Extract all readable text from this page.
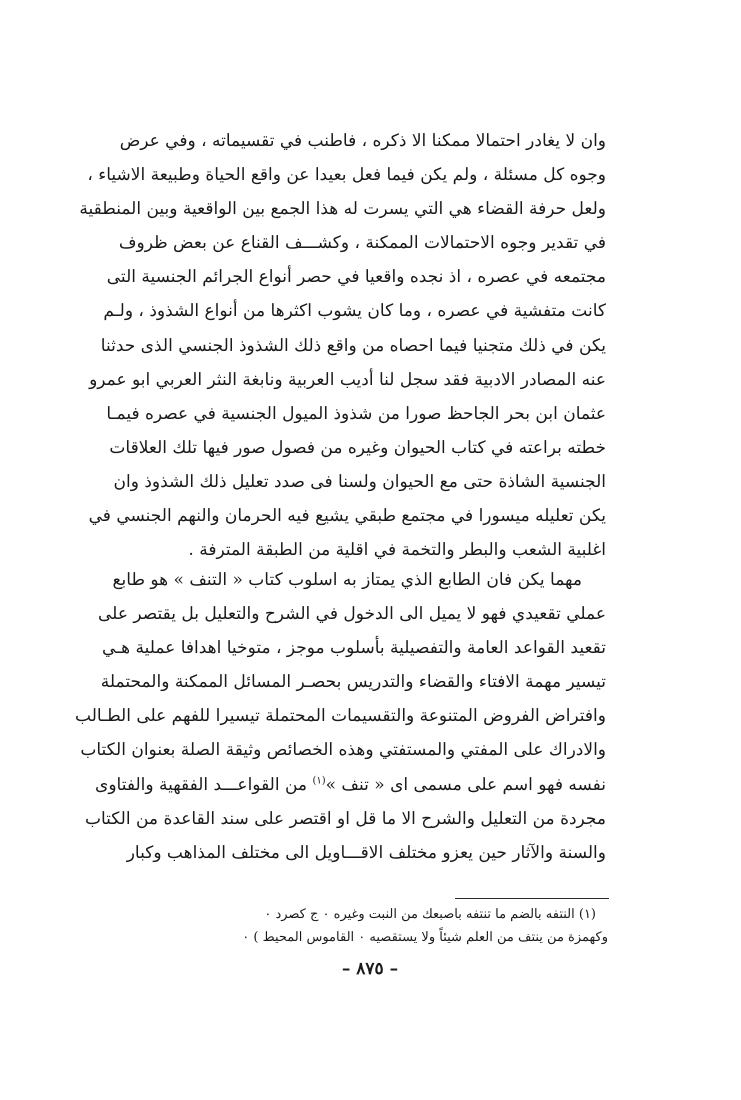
وان لا يغادر احتمالا ممكنا الا ذكره ، فاطنب في تقسيماته ، وفي عرض
وجوه كل مسئلة ، ولم يكن فيما فعل بعيدا عن واقع الحياة وطبيعة الاشياء ،
ولعل حرفة القضاء هي التي يسرت له هذا الجمع بين الواقعية وبين المنطقية
في تقدير وجوه الاحتمالات الممكنة ، وكشـــف القناع عن بعض ظروف
مجتمعه في عصره ، اذ نجده واقعيا في حصر أنواع الجرائم الجنسية التى
كانت متفشية في عصره ، وما كان يشوب اكثرها من أنواع الشذوذ ، ولـم
يكن في ذلك متجنيا فيما احصاه من واقع ذلك الشذوذ الجنسي الذى حدثنا
عنه المصادر الادبية فقد سجل لنا أديب العربية ونابغة النثر العربي ابو عمرو
عثمان ابن بحر الجاحظ صورا من شذوذ الميول الجنسية في عصره فيمـا
خطته براعته في كتاب الحيوان وغيره من فصول صور فيها تلك العلاقات
الجنسية الشاذة حتى مع الحيوان ولسنا فى صدد تعليل ذلك الشذوذ وان
يكن تعليله ميسورا في مجتمع طبقي يشيع فيه الحرمان والنهم الجنسي في
اغلبية الشعب والبطر والتخمة في اقلية من الطبقة المترفة .
مهما يكن فان الطابع الذي يمتاز به اسلوب كتاب « التنف » هو طابع
عملي تقعيدي فهو لا يميل الى الدخول في الشرح والتعليل بل يقتصر على
تقعيد القواعد العامة والتفصيلية بأسلوب موجز ، متوخيا اهدافا عملية هـي
تيسير مهمة الافتاء والقضاء والتدريس بحصـر المسائل الممكنة والمحتملة
وافتراض الفروض المتنوعة والتقسيمات المحتملة تيسيرا للفهم على الطـالب
والادراك على المفتي والمستفتي وهذه الخصائص وثيقة الصلة بعنوان الكتاب
نفسه فهو اسم على مسمى اى « تنف »$^{(١)}$ من القواعـــد الفقهية والفتاوى
مجردة من التعليل والشرح الا ما قل او اقتصر على سند القاعدة من الكتاب
والسنة والآثار حين يعزو مختلف الاقـــاويل الى مختلف المذاهب وكبار
(١) النتفه بالضم ما تنتفه باصبعك من النبت وغيره ٠ ج كصرد ٠
وكهمزة من ينتف من العلم شيئاً ولا يستقصيه ٠ القاموس المحيط ) ٠
– ٨٧٥ –
